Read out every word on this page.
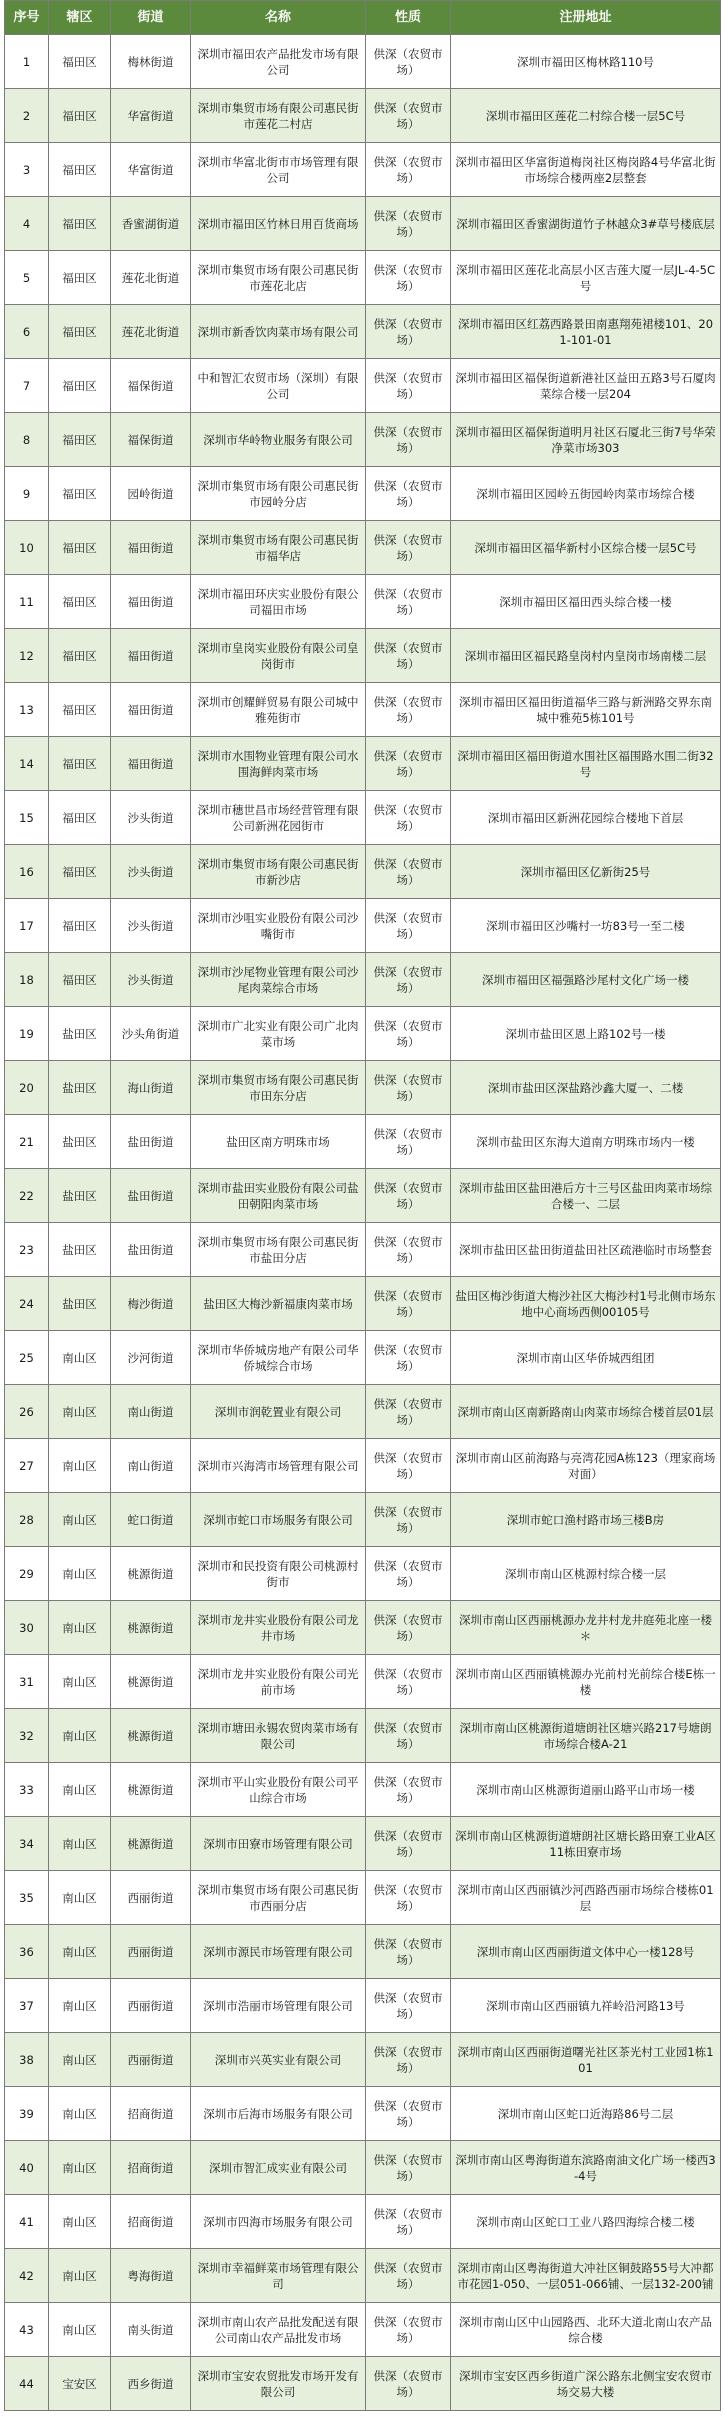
序号	辖区	街道	名称	性质	注册地址
1	福田区	梅林街道	深圳市福田农产品批发市场有限公司	供深（农贸市场）	深圳市福田区梅林路110号
2	福田区	华富街道	深圳市集贸市场有限公司惠民街市莲花二村店	供深（农贸市场）	深圳市福田区莲花二村综合楼一层5C号
3	福田区	华富街道	深圳市华富北街市市场管理有限公司	供深（农贸市场）	深圳市福田区华富街道梅岗社区梅岗路4号华富北街市场综合楼两座2层整套
4	福田区	香蜜湖街道	深圳市福田区竹林日用百货商场	供深（农贸市场）	深圳市福田区香蜜湖街道竹子林越众3#草号楼底层
5	福田区	莲花北街道	深圳市集贸市场有限公司惠民街市莲花北店	供深（农贸市场）	深圳市福田区莲花北高层小区吉莲大厦一层JL-4-5C号
6	福田区	莲花北街道	深圳市新香饮肉菜市场有限公司	供深（农贸市场）	深圳市福田区红荔西路景田南惠翔苑裙楼101、201-101-01
7	福田区	福保街道	中和智汇农贸市场（深圳）有限公司	供深（农贸市场）	深圳市福田区福保街道新港社区益田五路3号石厦肉菜综合楼一层204
8	福田区	福保街道	深圳市华岭物业服务有限公司	供深（农贸市场）	深圳市福田区福保街道明月社区石厦北三街7号华荣净菜市场303
9	福田区	园岭街道	深圳市集贸市场有限公司惠民街市园岭分店	供深（农贸市场）	深圳市福田区园岭五街园岭肉菜市场综合楼
10	福田区	福田街道	深圳市集贸市场有限公司惠民街市福华店	供深（农贸市场）	深圳市福田区福华新村小区综合楼一层5C号
11	福田区	福田街道	深圳市福田环庆实业股份有限公司福田市场	供深（农贸市场）	深圳市福田区福田西头综合楼一楼
12	福田区	福田街道	深圳市皇岗实业股份有限公司皇岗街市	供深（农贸市场）	深圳市福田区福民路皇岗村内皇岗市场南楼二层
13	福田区	福田街道	深圳市创耀鲜贸易有限公司城中雅苑街市	供深（农贸市场）	深圳市福田区福田街道福华三路与新洲路交界东南城中雅苑5栋101号
14	福田区	福田街道	深圳市水围物业管理有限公司水围海鲜肉菜市场	供深（农贸市场）	深圳市福田区福田街道水围社区福围路水围二街32号
15	福田区	沙头街道	深圳市穗世昌市场经营管理有限公司新洲花园街市	供深（农贸市场）	深圳市福田区新洲花园综合楼地下首层
16	福田区	沙头街道	深圳市集贸市场有限公司惠民街市新沙店	供深（农贸市场）	深圳市福田区亿新街25号
17	福田区	沙头街道	深圳市沙咀实业股份有限公司沙嘴街市	供深（农贸市场）	深圳市福田区沙嘴村一坊83号一至二楼
18	福田区	沙头街道	深圳市沙尾物业管理有限公司沙尾肉菜综合市场	供深（农贸市场）	深圳市福田区福强路沙尾村文化广场一楼
19	盐田区	沙头角街道	深圳市广北实业有限公司广北肉菜市场	供深（农贸市场）	深圳市盐田区恩上路102号一楼
20	盐田区	海山街道	深圳市集贸市场有限公司惠民街市田东分店	供深（农贸市场）	深圳市盐田区深盐路沙鑫大厦一、二楼
21	盐田区	盐田街道	盐田区南方明珠市场	供深（农贸市场）	深圳市盐田区东海大道南方明珠市场内一楼
22	盐田区	盐田街道	深圳市盐田实业股份有限公司盐田朝阳肉菜市场	供深（农贸市场）	深圳市盐田区盐田港后方十三号区盐田肉菜市场综合楼一、二层
23	盐田区	盐田街道	深圳市集贸市场有限公司惠民街市盐田分店	供深（农贸市场）	深圳市盐田区盐田街道盐田社区疏港临时市场整套
24	盐田区	梅沙街道	盐田区大梅沙新福康肉菜市场	供深（农贸市场）	盐田区梅沙街道大梅沙社区大梅沙村1号北侧市场东地中心商场西侧00105号
25	南山区	沙河街道	深圳市华侨城房地产有限公司华侨城综合市场	供深（农贸市场）	深圳市南山区华侨城西组团
26	南山区	南山街道	深圳市润乾置业有限公司	供深（农贸市场）	深圳市南山区南新路南山肉菜市场综合楼首层01层
27	南山区	南山街道	深圳市兴海湾市场管理有限公司	供深（农贸市场）	深圳市南山区前海路与亮湾花园A栋123（理家商场对面）
28	南山区	蛇口街道	深圳市蛇口市场服务有限公司	供深（农贸市场）	深圳市蛇口渔村路市场三楼B房
29	南山区	桃源街道	深圳市和民投资有限公司桃源村街市	供深（农贸市场）	深圳市南山区桃源村综合楼一层
30	南山区	桃源街道	深圳市龙井实业股份有限公司龙井市场	供深（农贸市场）	深圳市南山区西丽桃源办龙井村龙井庭苑北座一楼＊
31	南山区	桃源街道	深圳市龙井实业股份有限公司光前市场	供深（农贸市场）	深圳市南山区西丽镇桃源办光前村光前综合楼E栋一楼
32	南山区	桃源街道	深圳市塘田永锡农贸肉菜市场有限公司	供深（农贸市场）	深圳市南山区桃源街道塘朗社区塘兴路217号塘朗市场综合楼A-21
33	南山区	桃源街道	深圳市平山实业股份有限公司平山综合市场	供深（农贸市场）	深圳市南山区桃源街道丽山路平山市场一楼
34	南山区	桃源街道	深圳市田寮市场管理有限公司	供深（农贸市场）	深圳市南山区桃源街道塘朗社区塘长路田寮工业A区11栋田寮市场
35	南山区	西丽街道	深圳市集贸市场有限公司惠民街市西丽分店	供深（农贸市场）	深圳市南山区西丽镇沙河西路西丽市场综合楼栋01层
36	南山区	西丽街道	深圳市源民市场管理有限公司	供深（农贸市场）	深圳市南山区西丽街道文体中心一楼128号
37	南山区	西丽街道	深圳市浩丽市场管理有限公司	供深（农贸市场）	深圳市南山区西丽镇九祥岭沿河路13号
38	南山区	西丽街道	深圳市兴英实业有限公司	供深（农贸市场）	深圳市南山区西丽街道曙光社区茶光村工业园1栋101
39	南山区	招商街道	深圳市后海市场服务有限公司	供深（农贸市场）	深圳市南山区蛇口近海路86号二层
40	南山区	招商街道	深圳市智汇成实业有限公司	供深（农贸市场）	深圳市南山区粤海街道东滨路南油文化广场一楼西3-4号
41	南山区	招商街道	深圳市四海市场服务有限公司	供深（农贸市场）	深圳市南山区蛇口工业八路四海综合楼二楼
42	南山区	粤海街道	深圳市幸福鲜菜市场管理有限公司	供深（农贸市场）	深圳市南山区粤海街道大冲社区铜鼓路55号大冲都市花园1-050、一层051-066铺、一层132-200铺
43	南山区	南头街道	深圳市南山农产品批发配送有限公司南山农产品批发市场	供深（农贸市场）	深圳市南山区中山园路西、北环大道北南山农产品综合楼
44	宝安区	西乡街道	深圳市宝安农贸批发市场开发有限公司	供深（农贸市场）	深圳市宝安区西乡街道广深公路东北侧宝安农贸市场交易大楼
